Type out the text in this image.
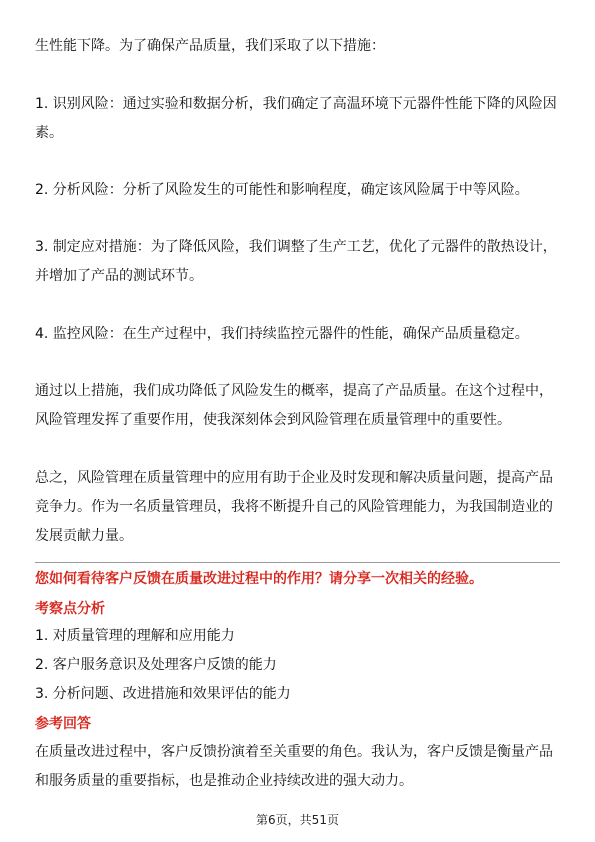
生性能下降。为了确保产品质量，我们采取了以下措施：

1. 识别风险：通过实验和数据分析，我们确定了高温环境下元器件性能下降的风险因素。

2. 分析风险：分析了风险发生的可能性和影响程度，确定该风险属于中等风险。

3. 制定应对措施：为了降低风险，我们调整了生产工艺，优化了元器件的散热设计，并增加了产品的测试环节。

4. 监控风险：在生产过程中，我们持续监控元器件的性能，确保产品质量稳定。

通过以上措施，我们成功降低了风险发生的概率，提高了产品质量。在这个过程中，风险管理发挥了重要作用，使我深刻体会到风险管理在质量管理中的重要性。

总之，风险管理在质量管理中的应用有助于企业及时发现和解决质量问题，提高产品竞争力。作为一名质量管理员，我将不断提升自己的风险管理能力，为我国制造业的发展贡献力量。

您如何看待客户反馈在质量改进过程中的作用？请分享一次相关的经验。

考察点分析

1. 对质量管理的理解和应用能力

2. 客户服务意识及处理客户反馈的能力

3. 分析问题、改进措施和效果评估的能力

参考回答

在质量改进过程中，客户反馈扮演着至关重要的角色。我认为，客户反馈是衡量产品和服务质量的重要指标，也是推动企业持续改进的强大动力。

第6页，共51页
